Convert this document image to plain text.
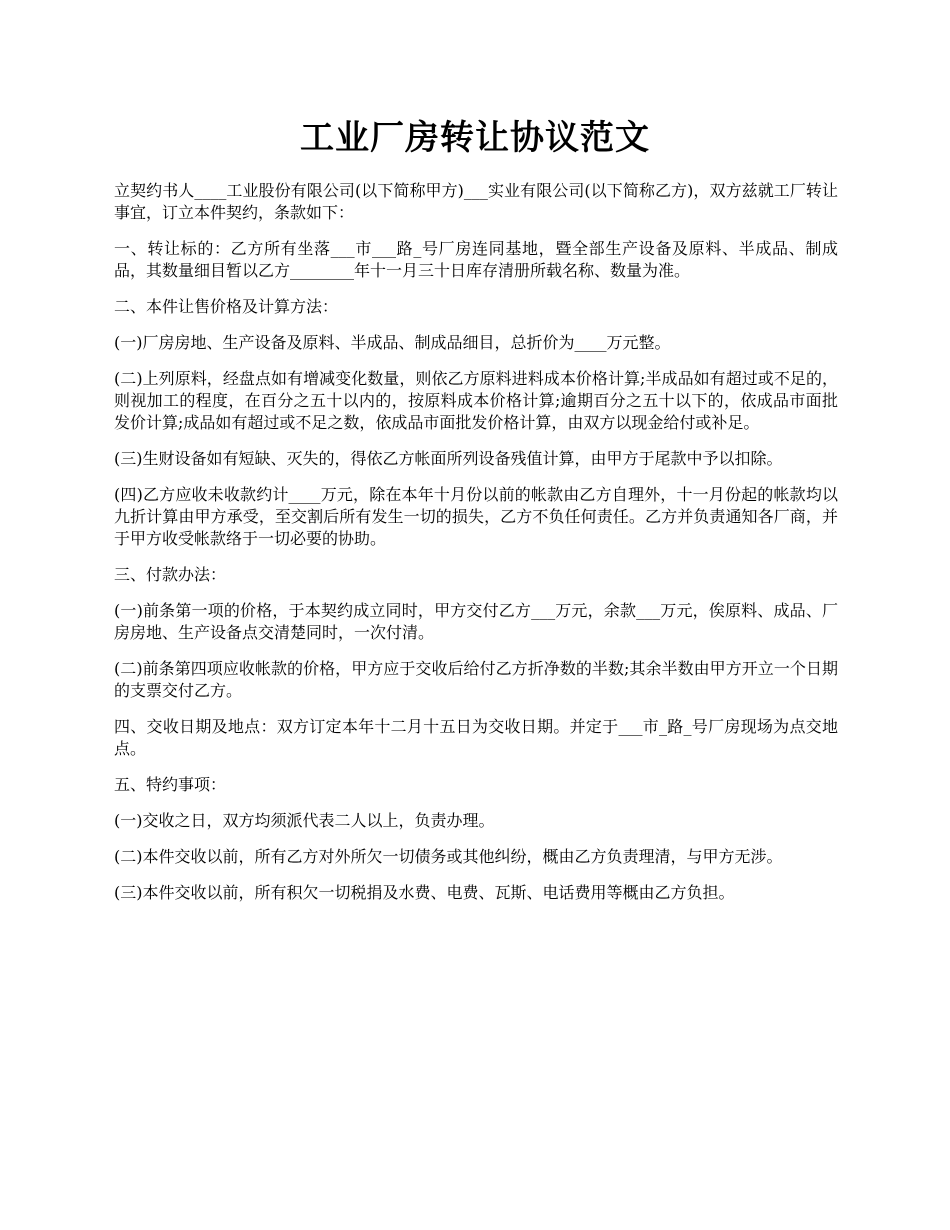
工业厂房转让协议范文

立契约书人____工业股份有限公司(以下简称甲方)___实业有限公司(以下简称乙方)，双方兹就工厂转让事宜，订立本件契约，条款如下：

一、转让标的：乙方所有坐落___市___路_号厂房连同基地，暨全部生产设备及原料、半成品、制成品，其数量细目暂以乙方________年十一月三十日库存清册所载名称、数量为准。

二、本件让售价格及计算方法：

(一)厂房房地、生产设备及原料、半成品、制成品细目，总折价为____万元整。

(二)上列原料，经盘点如有增减变化数量，则依乙方原料进料成本价格计算;半成品如有超过或不足的，则视加工的程度，在百分之五十以内的，按原料成本价格计算;逾期百分之五十以下的，依成品市面批发价计算;成品如有超过或不足之数，依成品市面批发价格计算，由双方以现金给付或补足。

(三)生财设备如有短缺、灭失的，得依乙方帐面所列设备残值计算，由甲方于尾款中予以扣除。

(四)乙方应收未收款约计____万元，除在本年十月份以前的帐款由乙方自理外，十一月份起的帐款均以九折计算由甲方承受，至交割后所有发生一切的损失，乙方不负任何责任。乙方并负责通知各厂商，并于甲方收受帐款络于一切必要的协助。

三、付款办法：

(一)前条第一项的价格，于本契约成立同时，甲方交付乙方___万元，余款___万元，俟原料、成品、厂房房地、生产设备点交清楚同时，一次付清。

(二)前条第四项应收帐款的价格，甲方应于交收后给付乙方折净数的半数;其余半数由甲方开立一个日期的支票交付乙方。

四、交收日期及地点：双方订定本年十二月十五日为交收日期。并定于___市_路_号厂房现场为点交地点。

五、特约事项：

(一)交收之日，双方均须派代表二人以上，负责办理。

(二)本件交收以前，所有乙方对外所欠一切债务或其他纠纷，概由乙方负责理清，与甲方无涉。

(三)本件交收以前，所有积欠一切税捐及水费、电费、瓦斯、电话费用等概由乙方负担。
